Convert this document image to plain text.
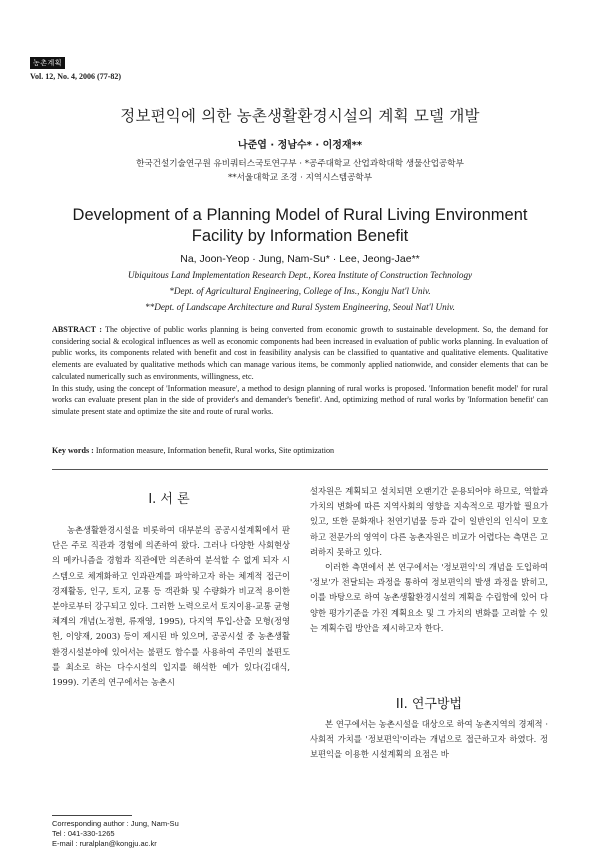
농촌계획
Vol. 12, No. 4, 2006 (77-82)
정보편익에 의한 농촌생활환경시설의 계획 모델 개발
나준엽 · 정남수* · 이정재**
한국건설기술연구원 유비쿼터스국토연구부 · *공주대학교 산업과학대학 생물산업공학부
**서울대학교 조경 · 지역시스템공학부
Development of a Planning Model of Rural Living Environment Facility by Information Benefit
Na, Joon-Yeop · Jung, Nam-Su* · Lee, Jeong-Jae**
Ubiquitous Land Implementation Research Dept., Korea Institute of Construction Technology
*Dept. of Agricultural Engineering, College of Ins., Kongju Nat'l Univ.
**Dept. of Landscape Architecture and Rural System Engineering, Seoul Nat'l Univ.

ABSTRACT : The objective of public works planning is being converted from economic growth to sustainable development. So, the demand for considering social & ecological influences as well as economic components had been increased in evaluation of public works planning. In evaluation of public works, its components related with benefit and cost in feasibility analysis can be classified to quantative and qualitative elements. Qualitative elements are evaluated by qualitative methods which can manage various items, be commonly applied nationwide, and consider elements that can be calculated numerically such as environments, willingness, etc.

In this study, using the concept of 'Information measure', a method to design planning of rural works is proposed. 'Information benefit model' for rural works can evaluate present plan in the side of provider's and demander's 'benefit'. And, optimizing method of rural works by 'Information benefit' can simulate present state and optimize the site and route of rural works.

Key words : Information measure, Information benefit, Rural works, Site optimization
I. 서 론

농촌생활환경시설을 비롯하여 대부분의 공공시설계획에서 판단은 주로 직관과 경험에 의존하여 왔다. 그러나 다양한 사회현상의 메카니즘을 경험과 직관에만 의존하여 분석할 수 없게 되자 시스템으로 체계화하고 인과관계를 파악하고자 하는 체계적 접근이 경제활동, 인구, 토지, 교통 등 객관화 및 수량화가 비교적 용이한 분야로부터 강구되고 있다. 그러한 노력으로서 토지이용-교통 균형체계의 개념(노정현, 류재영, 1995), 다지역 투입-산출 모형(정영헌, 이양재, 2003) 등이 제시된 바 있으며, 공공시설 중 농촌생활환경시설분야에 있어서는 불편도 함수를 사용하여 주민의 불편도를 최소로 하는 다수시설의 입지를 해석한 예가 있다(김대식, 1999). 기존의 연구에서는 농촌시

설자원은 계획되고 설치되면 오랜기간 운용되어야 하므로, 역할과 가치의 변화에 따른 지역사회의 영향을 지속적으로 평가할 필요가 있고, 또한 문화재나 천연기념물 등과 같이 일반인의 인식이 모호하고 전문가의 영역이 다른 농촌자원은 비교가 어렵다는 측면은 고려하지 못하고 있다.

이러한 측면에서 본 연구에서는 '정보편익'의 개념을 도입하여 '정보'가 전달되는 과정을 통하여 정보편익의 발생 과정을 밝히고, 이를 바탕으로 하여 농촌생활환경시설의 계획을 수립함에 있어 다양한 평가기준을 가진 계획요소 및 그 가치의 변화를 고려할 수 있는 계획수립 방안을 제시하고자 한다.

II. 연구방법

본 연구에서는 농촌시설을 대상으로 하여 농촌지역의 경제적 · 사회적 가치를 '정보편익'이라는 개념으로 접근하고자 하였다. 정보편익을 이용한 시설계획의 요점은 바

Corresponding author : Jung, Nam-Su
Tel : 041-330-1265
E-mail : ruralplan@kongju.ac.kr
